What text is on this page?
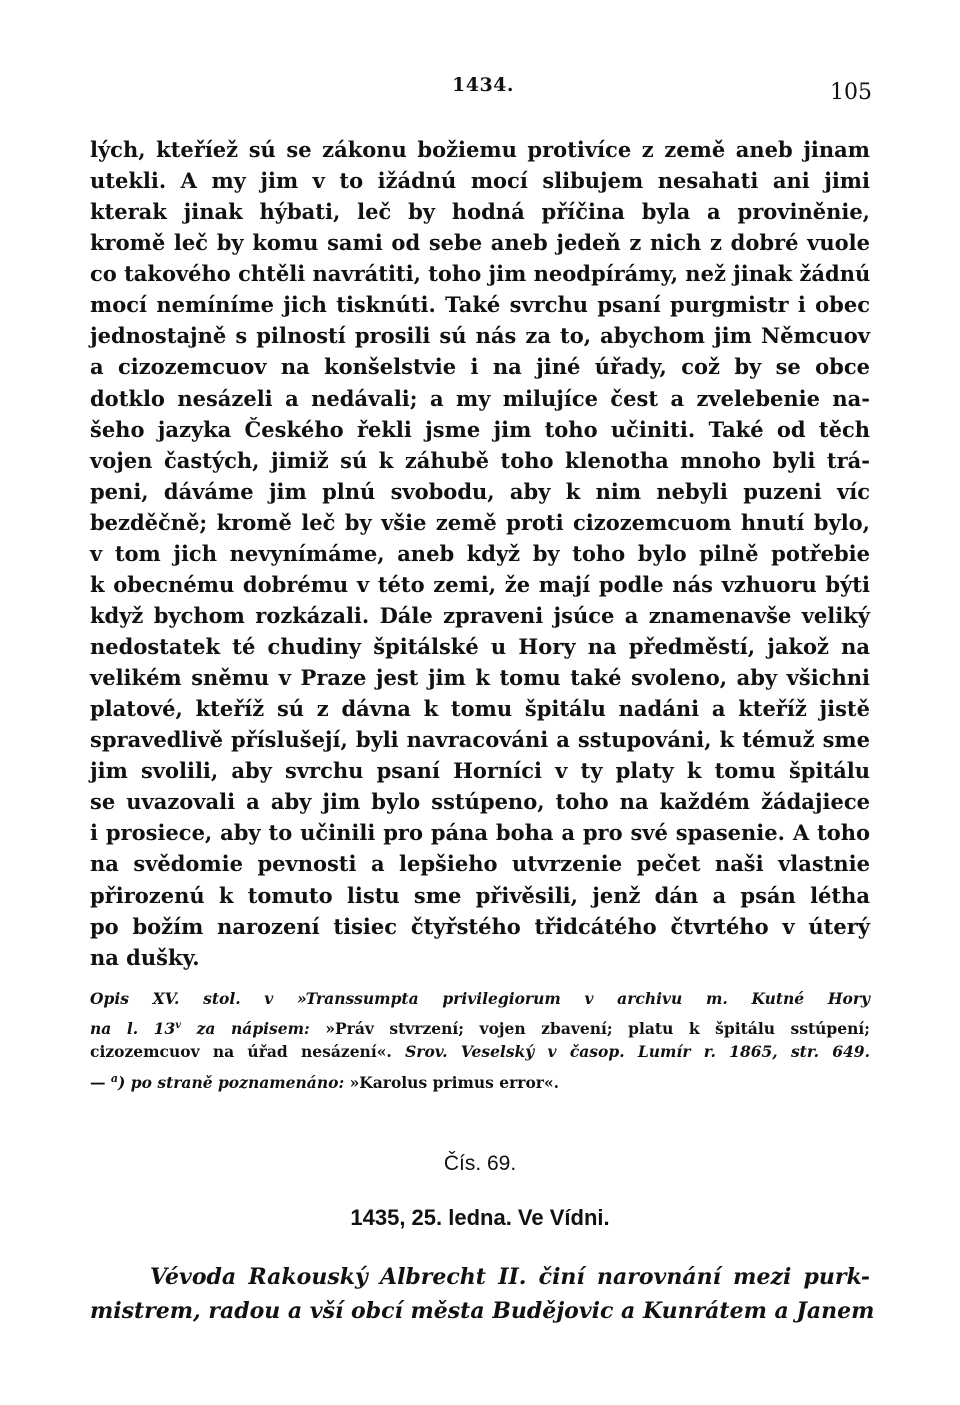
1434.	105
lých, kteříež sú se zákonu božiemu protivíce z země aneb jinam
utekli. A my jim v to ižádnú mocí slibujem nesahati ani jimi
kterak jinak hýbati, leč by hodná příčina byla a proviněnie,
kromě leč by komu sami od sebe aneb jedeň z nich z dobré vuole
co takového chtěli navrátiti, toho jim neodpírámy, než jinak žádnú
mocí nemíníme jich tisknúti. Také svrchu psaní purgmistr i obec
jednostajně s pilností prosili sú nás za to, abychom jim Němcuov
a cizozemcuov na konšelstvie i na jiné úřady, což by se obce
dotklo nesázeli a nedávali; a my milujíce čest a zvelebenie na-
šeho jazyka Českého řekli jsme jim toho učiniti. Také od těch
vojen častých, jimiž sú k záhubě toho klenotha mnoho byli trá-
peni, dáváme jim plnú svobodu, aby k nim nebyli puzeni víc
bezděčně; kromě leč by všie země proti cizozemcuom hnutí bylo,
v tom jich nevynímáme, aneb když by toho bylo pilně potřebie
k obecnému dobrému v této zemi, že mají podle nás vzhuoru býti
když bychom rozkázali. Dále zpraveni jsúce a znamenavše veliký
nedostatek té chudiny špitálské u Hory na předměstí, jakož na
velikém sněmu v Praze jest jim k tomu také svoleno, aby všichni
platové, kteříž sú z dávna k tomu špitálu nadáni a kteříž jistě
spravedlivě příslušejí, byli navracováni a sstupováni, k témuž sme
jim svolili, aby svrchu psaní Horníci v ty platy k tomu špitálu
se uvazovali a aby jim bylo sstúpeno, toho na každém žádajiece
i prosiece, aby to učinili pro pána boha a pro své spasenie. A toho
na svědomie pevnosti a lepšieho utvrzenie pečet naši vlastnie
přirozenú k tomuto listu sme přivěsili, jenž dán a psán létha
po božím narození tisiec čtyřstého třidcátého čtvrtého v úterý
na dušky.
Opis XV. stol. v »Transsumpta privilegiorum v archivu m. Kutné Hory
na l. 13$^v$ za nápisem: »Práv stvrzení; vojen zbavení; platu k špitálu sstúpení;
cizozemcuov na úřad nesázení«. Srov. Veselský v časop. Lumír r. 1865, str. 649.
— $^a$) po straně poznamenáno: »Karolus primus error«.
Čís. 69.
1435, 25. ledna. Ve Vídni.
Vévoda Rakouský Albrecht II. činí narovnání mezi purk-
mistrem, radou a vší obcí města Budějovic a Kunrátem a Janem
